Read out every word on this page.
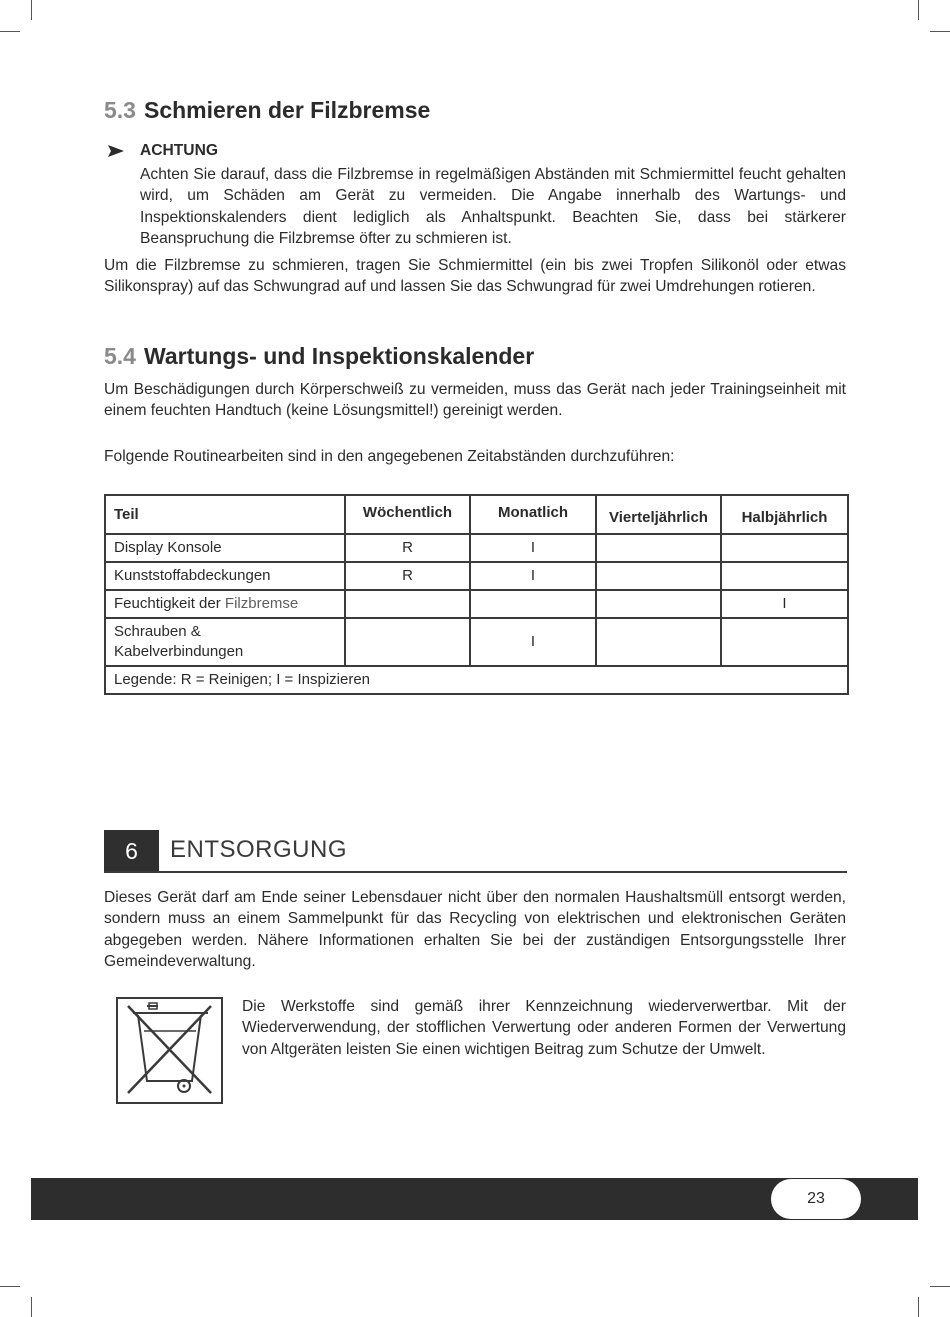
5.3 Schmieren der Filzbremse
ACHTUNG

Achten Sie darauf, dass die Filzbremse in regelmäßigen Abständen mit Schmiermittel feucht gehalten wird, um Schäden am Gerät zu vermeiden. Die Angabe innerhalb des Wartungs- und Inspektionskalenders dient lediglich als Anhaltspunkt. Beachten Sie, dass bei stärkerer Beanspruchung die Filzbremse öfter zu schmieren ist.

Um die Filzbremse zu schmieren, tragen Sie Schmiermittel (ein bis zwei Tropfen Silikonöl oder etwas Silikonspray) auf das Schwungrad auf und lassen Sie das Schwungrad für zwei Umdrehungen rotieren.

5.4 Wartungs- und Inspektionskalender

Um Beschädigungen durch Körperschweiß zu vermeiden, muss das Gerät nach jeder Trainingseinheit mit einem feuchten Handtuch (keine Lösungsmittel!) gereinigt werden.

Folgende Routinearbeiten sind in den angegebenen Zeitabständen durchzuführen:

Teil	Wöchentlich	Monatlich	Vierteljährlich	Halbjährlich
Display Konsole	R	I		
Kunststoffabdeckungen	R	I		
Feuchtigkeit der Filzbremse				I
Schrauben &
Kabelverbindungen		I		
Legende: R = Reinigen; I = Inspizieren				
6	ENTSORGUNG

Dieses Gerät darf am Ende seiner Lebensdauer nicht über den normalen Haushaltsmüll entsorgt werden, sondern muss an einem Sammelpunkt für das Recycling von elektrischen und elektronischen Geräten abgegeben werden. Nähere Informationen erhalten Sie bei der zuständigen Entsorgungsstelle Ihrer Gemeindeverwaltung.

Die Werkstoffe sind gemäß ihrer Kennzeichnung wiederverwertbar. Mit der Wiederverwendung, der stofflichen Verwertung oder anderen Formen der Verwertung von Altgeräten leisten Sie einen wichtigen Beitrag zum Schutze der Umwelt.

23
